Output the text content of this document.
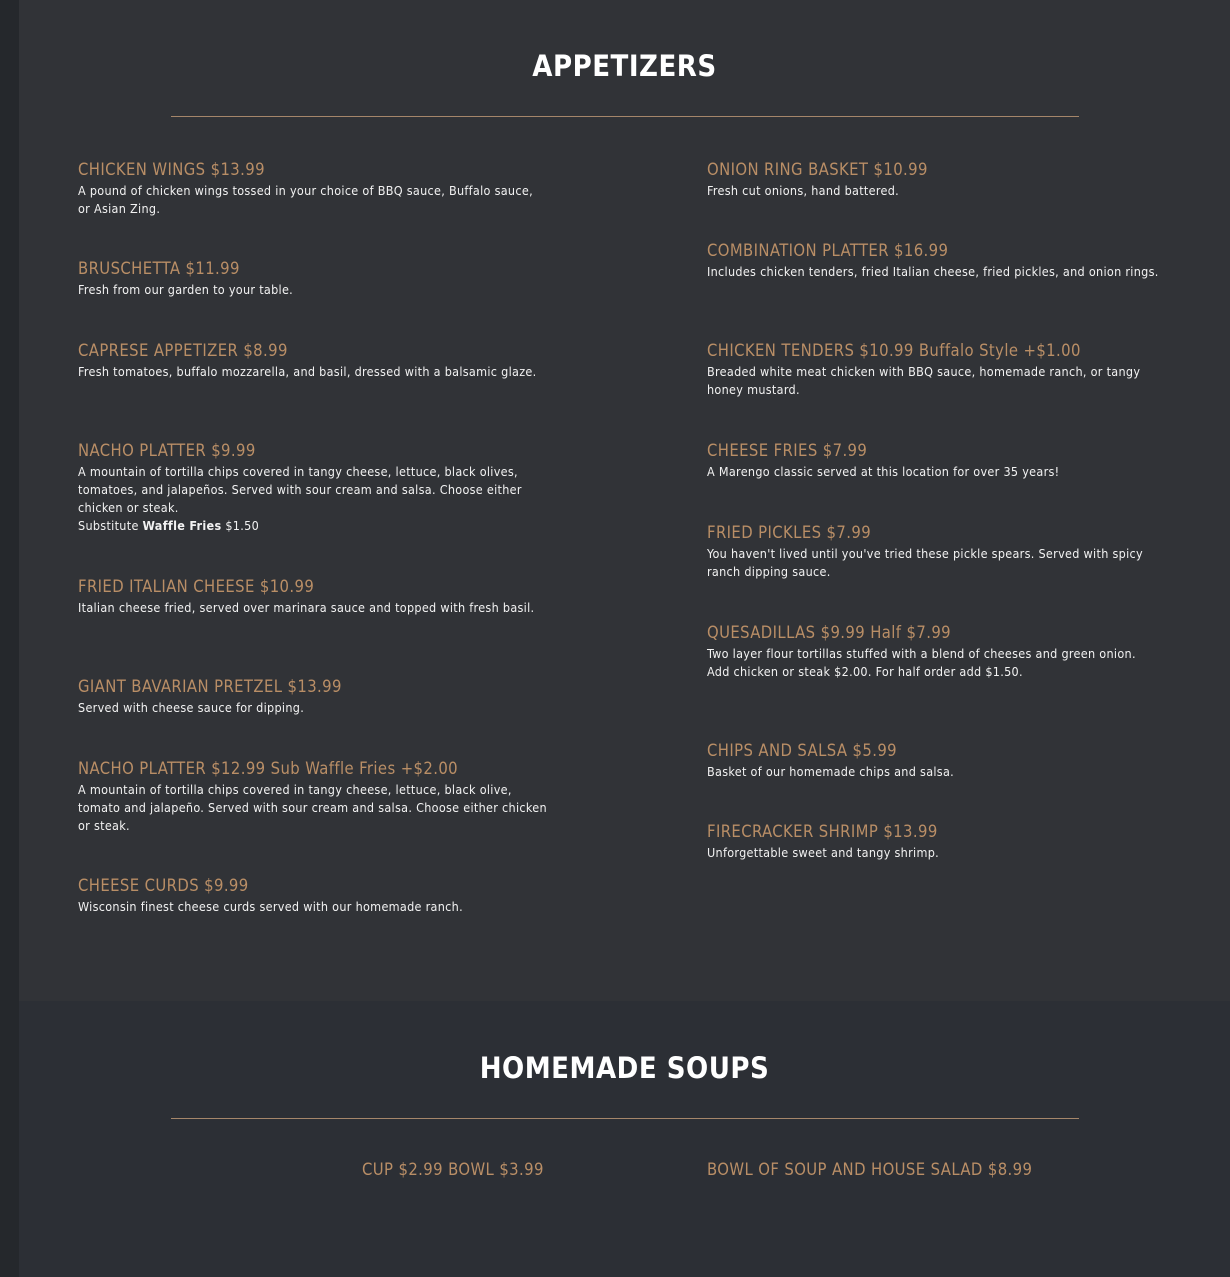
APPETIZERS
CHICKEN WINGS $13.99
A pound of chicken wings tossed in your choice of BBQ sauce, Buffalo sauce, or Asian Zing.
BRUSCHETTA $11.99
Fresh from our garden to your table.
CAPRESE APPETIZER $8.99
Fresh tomatoes, buffalo mozzarella, and basil, dressed with a balsamic glaze.
NACHO PLATTER $9.99
A mountain of tortilla chips covered in tangy cheese, lettuce, black olives, tomatoes, and jalapeños. Served with sour cream and salsa. Choose either chicken or steak.
Substitute Waffle Fries $1.50
FRIED ITALIAN CHEESE $10.99
Italian cheese fried, served over marinara sauce and topped with fresh basil.
GIANT BAVARIAN PRETZEL $13.99
Served with cheese sauce for dipping.
NACHO PLATTER $12.99 Sub Waffle Fries +$2.00
A mountain of tortilla chips covered in tangy cheese, lettuce, black olive, tomato and jalapeño. Served with sour cream and salsa. Choose either chicken or steak.
CHEESE CURDS $9.99
Wisconsin finest cheese curds served with our homemade ranch.
ONION RING BASKET $10.99
Fresh cut onions, hand battered.
COMBINATION PLATTER $16.99
Includes chicken tenders, fried Italian cheese, fried pickles, and onion rings.
CHICKEN TENDERS $10.99 Buffalo Style +$1.00
Breaded white meat chicken with BBQ sauce, homemade ranch, or tangy honey mustard.
CHEESE FRIES $7.99
A Marengo classic served at this location for over 35 years!
FRIED PICKLES $7.99
You haven't lived until you've tried these pickle spears. Served with spicy ranch dipping sauce.
QUESADILLAS $9.99 Half $7.99
Two layer flour tortillas stuffed with a blend of cheeses and green onion.
Add chicken or steak $2.00. For half order add $1.50.
CHIPS AND SALSA $5.99
Basket of our homemade chips and salsa.
FIRECRACKER SHRIMP $13.99
Unforgettable sweet and tangy shrimp.
HOMEMADE SOUPS
CUP $2.99 BOWL $3.99	BOWL OF SOUP AND HOUSE SALAD $8.99
